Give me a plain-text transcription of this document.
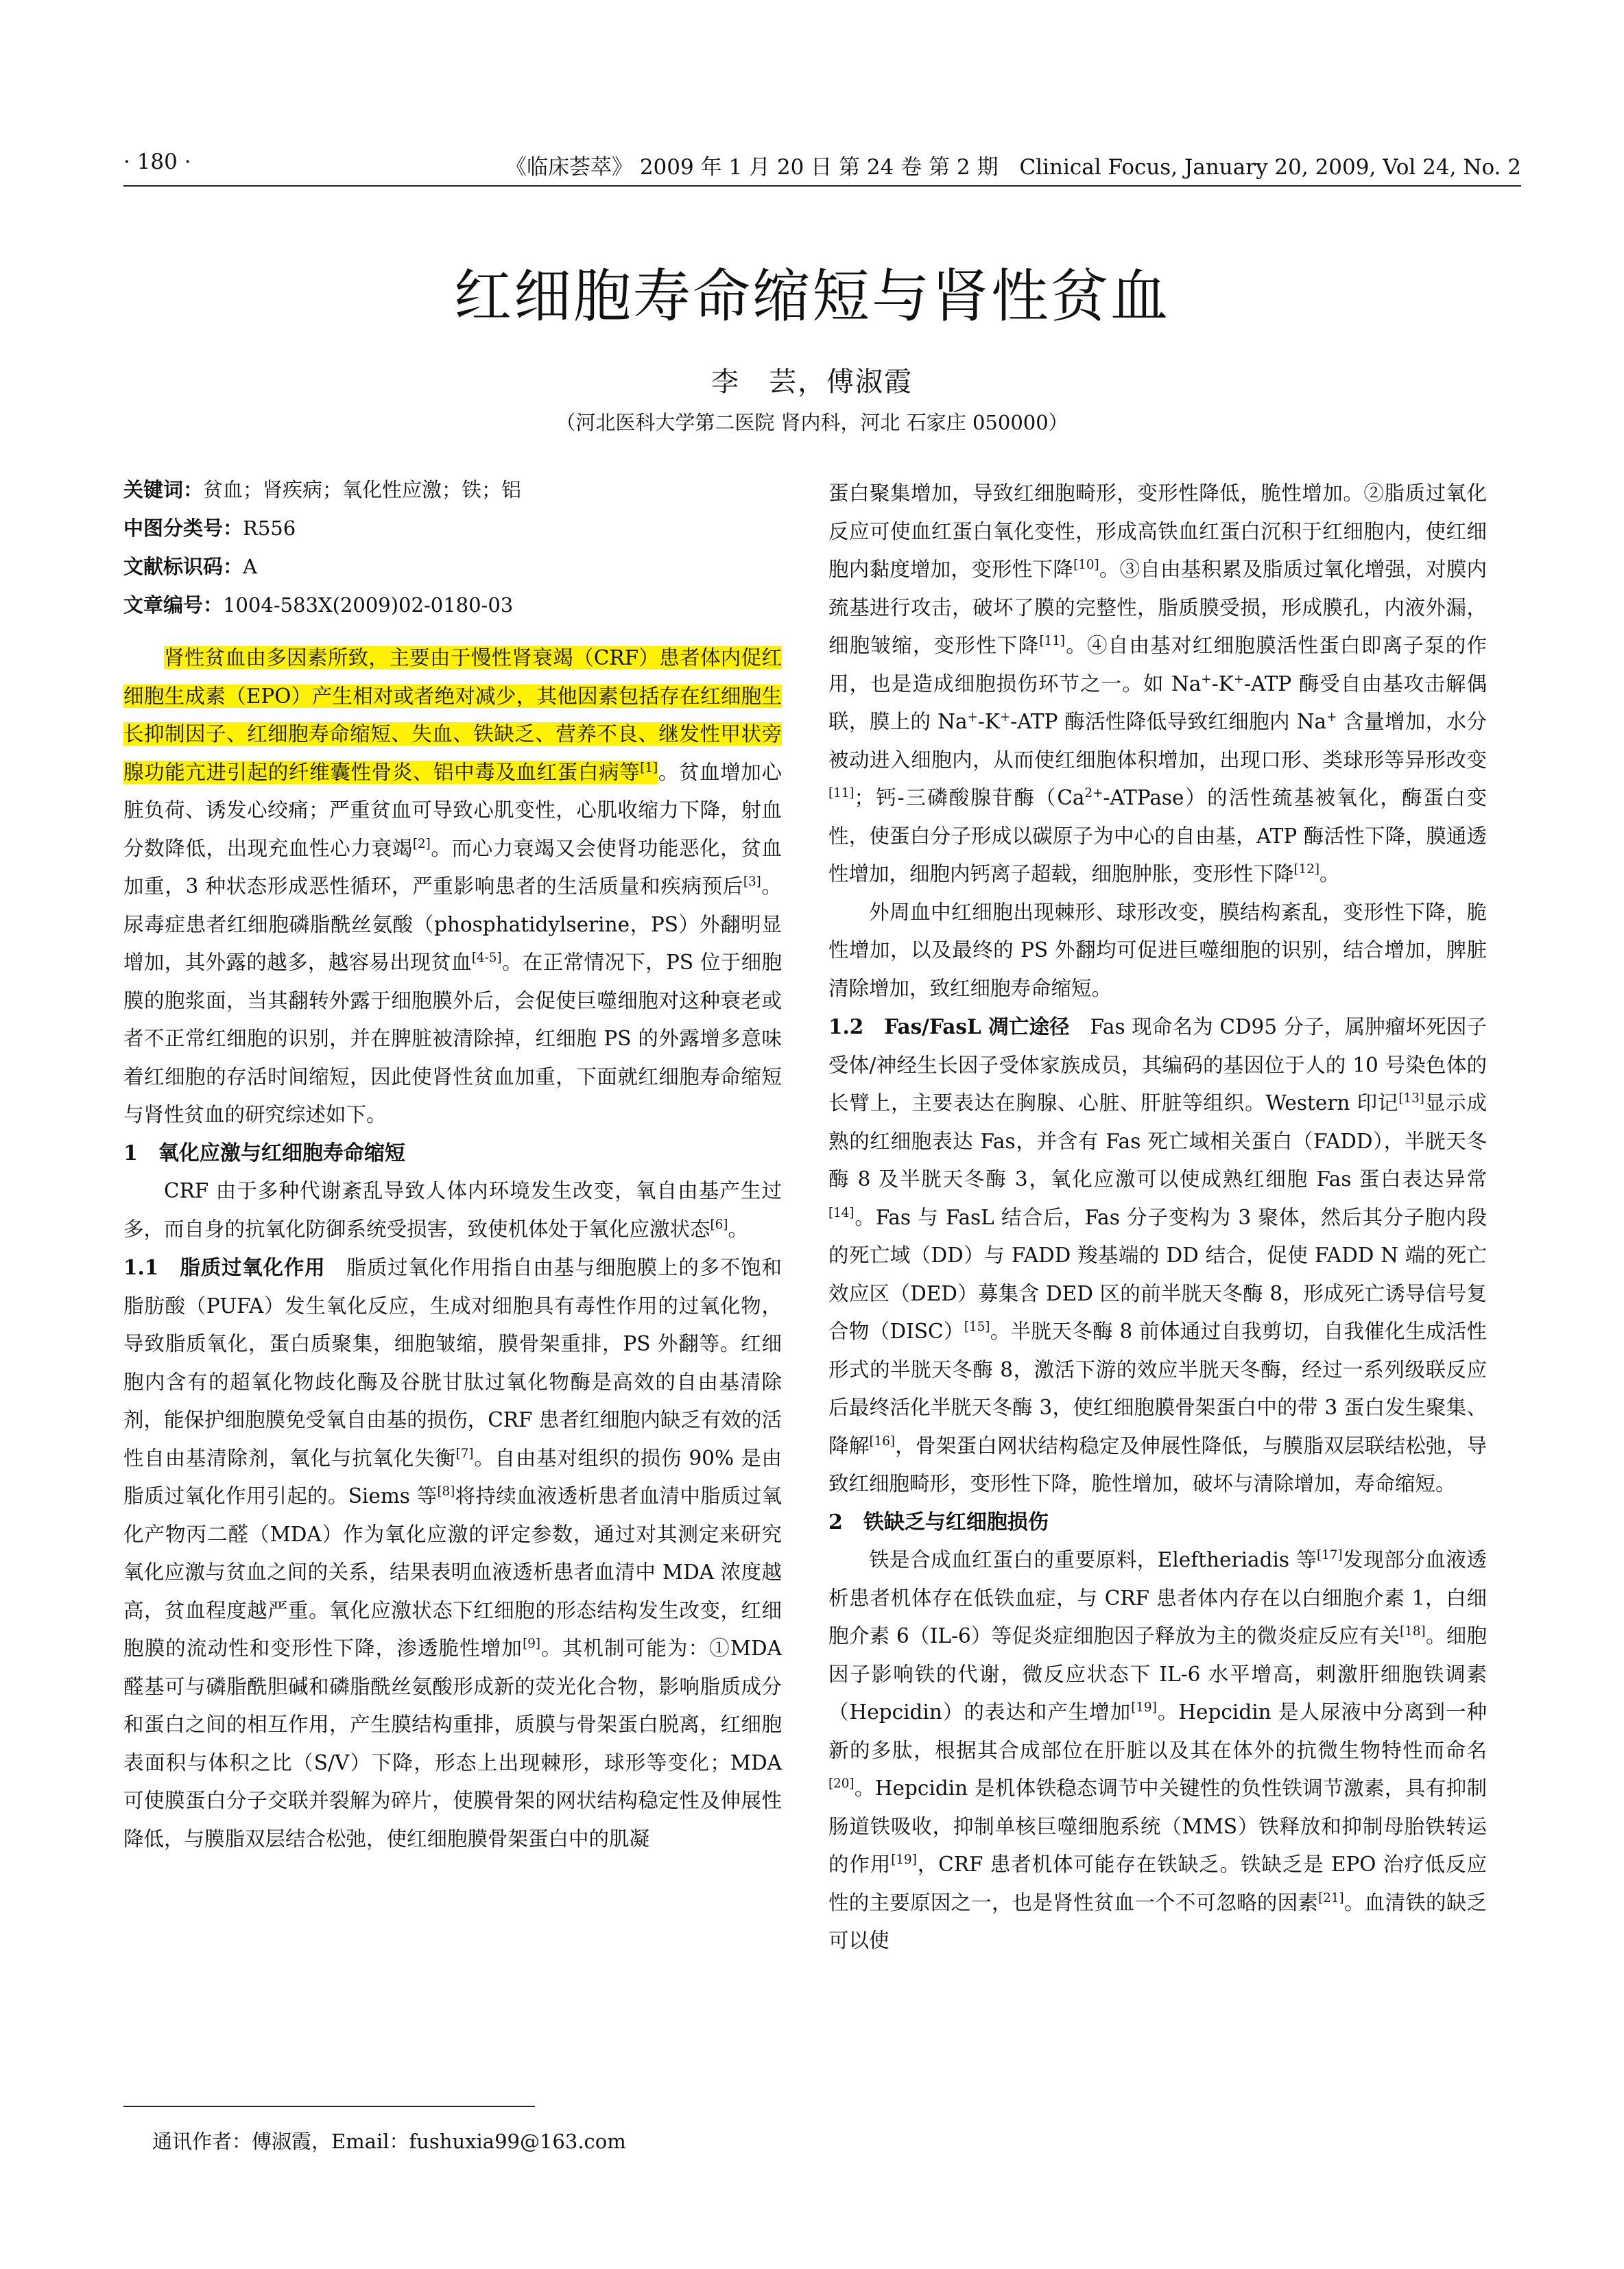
· 180 ·	《临床荟萃》 2009 年 1 月 20 日 第 24 卷 第 2 期　Clinical Focus, January 20, 2009, Vol 24, No. 2
红细胞寿命缩短与肾性贫血
李　芸，傅淑霞
（河北医科大学第二医院 肾内科，河北 石家庄 050000）
关键词：贫血；肾疾病；氧化性应激；铁；铝
中图分类号：R556
文献标识码：A
文章编号：1004-583X(2009)02-0180-03

肾性贫血由多因素所致，主要由于慢性肾衰竭（CRF）患者体内促红细胞生成素（EPO）产生相对或者绝对减少，其他因素包括存在红细胞生长抑制因子、红细胞寿命缩短、失血、铁缺乏、营养不良、继发性甲状旁腺功能亢进引起的纤维囊性骨炎、铝中毒及血红蛋白病等[1]。贫血增加心脏负荷、诱发心绞痛；严重贫血可导致心肌变性，心肌收缩力下降，射血分数降低，出现充血性心力衰竭[2]。而心力衰竭又会使肾功能恶化，贫血加重，3 种状态形成恶性循环，严重影响患者的生活质量和疾病预后[3]。尿毒症患者红细胞磷脂酰丝氨酸（phosphatidylserine，PS）外翻明显增加，其外露的越多，越容易出现贫血[4-5]。在正常情况下，PS 位于细胞膜的胞浆面，当其翻转外露于细胞膜外后，会促使巨噬细胞对这种衰老或者不正常红细胞的识别，并在脾脏被清除掉，红细胞 PS 的外露增多意味着红细胞的存活时间缩短，因此使肾性贫血加重，下面就红细胞寿命缩短与肾性贫血的研究综述如下。

1　氧化应激与红细胞寿命缩短

CRF 由于多种代谢紊乱导致人体内环境发生改变，氧自由基产生过多，而自身的抗氧化防御系统受损害，致使机体处于氧化应激状态[6]。

1.1　脂质过氧化作用　脂质过氧化作用指自由基与细胞膜上的多不饱和脂肪酸（PUFA）发生氧化反应，生成对细胞具有毒性作用的过氧化物，导致脂质氧化，蛋白质聚集，细胞皱缩，膜骨架重排，PS 外翻等。红细胞内含有的超氧化物歧化酶及谷胱甘肽过氧化物酶是高效的自由基清除剂，能保护细胞膜免受氧自由基的损伤，CRF 患者红细胞内缺乏有效的活性自由基清除剂，氧化与抗氧化失衡[7]。自由基对组织的损伤 90% 是由脂质过氧化作用引起的。Siems 等[8]将持续血液透析患者血清中脂质过氧化产物丙二醛（MDA）作为氧化应激的评定参数，通过对其测定来研究氧化应激与贫血之间的关系，结果表明血液透析患者血清中 MDA 浓度越高，贫血程度越严重。氧化应激状态下红细胞的形态结构发生改变，红细胞膜的流动性和变形性下降，渗透脆性增加[9]。其机制可能为：①MDA 醛基可与磷脂酰胆碱和磷脂酰丝氨酸形成新的荧光化合物，影响脂质成分和蛋白之间的相互作用，产生膜结构重排，质膜与骨架蛋白脱离，红细胞表面积与体积之比（S/V）下降，形态上出现棘形，球形等变化；MDA 可使膜蛋白分子交联并裂解为碎片，使膜骨架的网状结构稳定性及伸展性降低，与膜脂双层结合松弛，使红细胞膜骨架蛋白中的肌凝

蛋白聚集增加，导致红细胞畸形，变形性降低，脆性增加。②脂质过氧化反应可使血红蛋白氧化变性，形成高铁血红蛋白沉积于红细胞内，使红细胞内黏度增加，变形性下降[10]。③自由基积累及脂质过氧化增强，对膜内巯基进行攻击，破坏了膜的完整性，脂质膜受损，形成膜孔，内液外漏，细胞皱缩，变形性下降[11]。④自由基对红细胞膜活性蛋白即离子泵的作用，也是造成细胞损伤环节之一。如 Na+-K+-ATP 酶受自由基攻击解偶联，膜上的 Na+-K+-ATP 酶活性降低导致红细胞内 Na+ 含量增加，水分被动进入细胞内，从而使红细胞体积增加，出现口形、类球形等异形改变[11]；钙-三磷酸腺苷酶$(Ca^{2+}-ATPase)$的活性巯基被氧化，酶蛋白变性，使蛋白分子形成以碳原子为中心的自由基，ATP 酶活性下降，膜通透性增加，细胞内钙离子超载，细胞肿胀，变形性下降[12]。

外周血中红细胞出现棘形、球形改变，膜结构紊乱，变形性下降，脆性增加，以及最终的 PS 外翻均可促进巨噬细胞的识别，结合增加，脾脏清除增加，致红细胞寿命缩短。

1.2　Fas/FasL 凋亡途径　Fas 现命名为 CD95 分子，属肿瘤坏死因子受体/神经生长因子受体家族成员，其编码的基因位于人的 10 号染色体的长臂上，主要表达在胸腺、心脏、肝脏等组织。Western 印记[13]显示成熟的红细胞表达 Fas，并含有 Fas 死亡域相关蛋白（FADD），半胱天冬酶 8 及半胱天冬酶 3，氧化应激可以使成熟红细胞 Fas 蛋白表达异常[14]。Fas 与 FasL 结合后，Fas 分子变构为 3 聚体，然后其分子胞内段的死亡域（DD）与 FADD 羧基端的 DD 结合，促使 FADD N 端的死亡效应区（DED）募集含 DED 区的前半胱天冬酶 8，形成死亡诱导信号复合物（DISC）[15]。半胱天冬酶 8 前体通过自我剪切，自我催化生成活性形式的半胱天冬酶 8，激活下游的效应半胱天冬酶，经过一系列级联反应后最终活化半胱天冬酶 3，使红细胞膜骨架蛋白中的带 3 蛋白发生聚集、降解[16]，骨架蛋白网状结构稳定及伸展性降低，与膜脂双层联结松弛，导致红细胞畸形，变形性下降，脆性增加，破坏与清除增加，寿命缩短。

2　铁缺乏与红细胞损伤

铁是合成血红蛋白的重要原料，Eleftheriadis 等[17]发现部分血液透析患者机体存在低铁血症，与 CRF 患者体内存在以白细胞介素 1，白细胞介素 6（IL-6）等促炎症细胞因子释放为主的微炎症反应有关[18]。细胞因子影响铁的代谢，微反应状态下 IL-6 水平增高，刺激肝细胞铁调素（Hepcidin）的表达和产生增加[19]。Hepcidin 是人尿液中分离到一种新的多肽，根据其合成部位在肝脏以及其在体外的抗微生物特性而命名[20]。Hepcidin 是机体铁稳态调节中关键性的负性铁调节激素，具有抑制肠道铁吸收，抑制单核巨噬细胞系统（MMS）铁释放和抑制母胎铁转运的作用[19]，CRF 患者机体可能存在铁缺乏。铁缺乏是 EPO 治疗低反应性的主要原因之一，也是肾性贫血一个不可忽略的因素[21]。血清铁的缺乏可以使

通讯作者：傅淑霞，Email：fushuxia99@163.com
